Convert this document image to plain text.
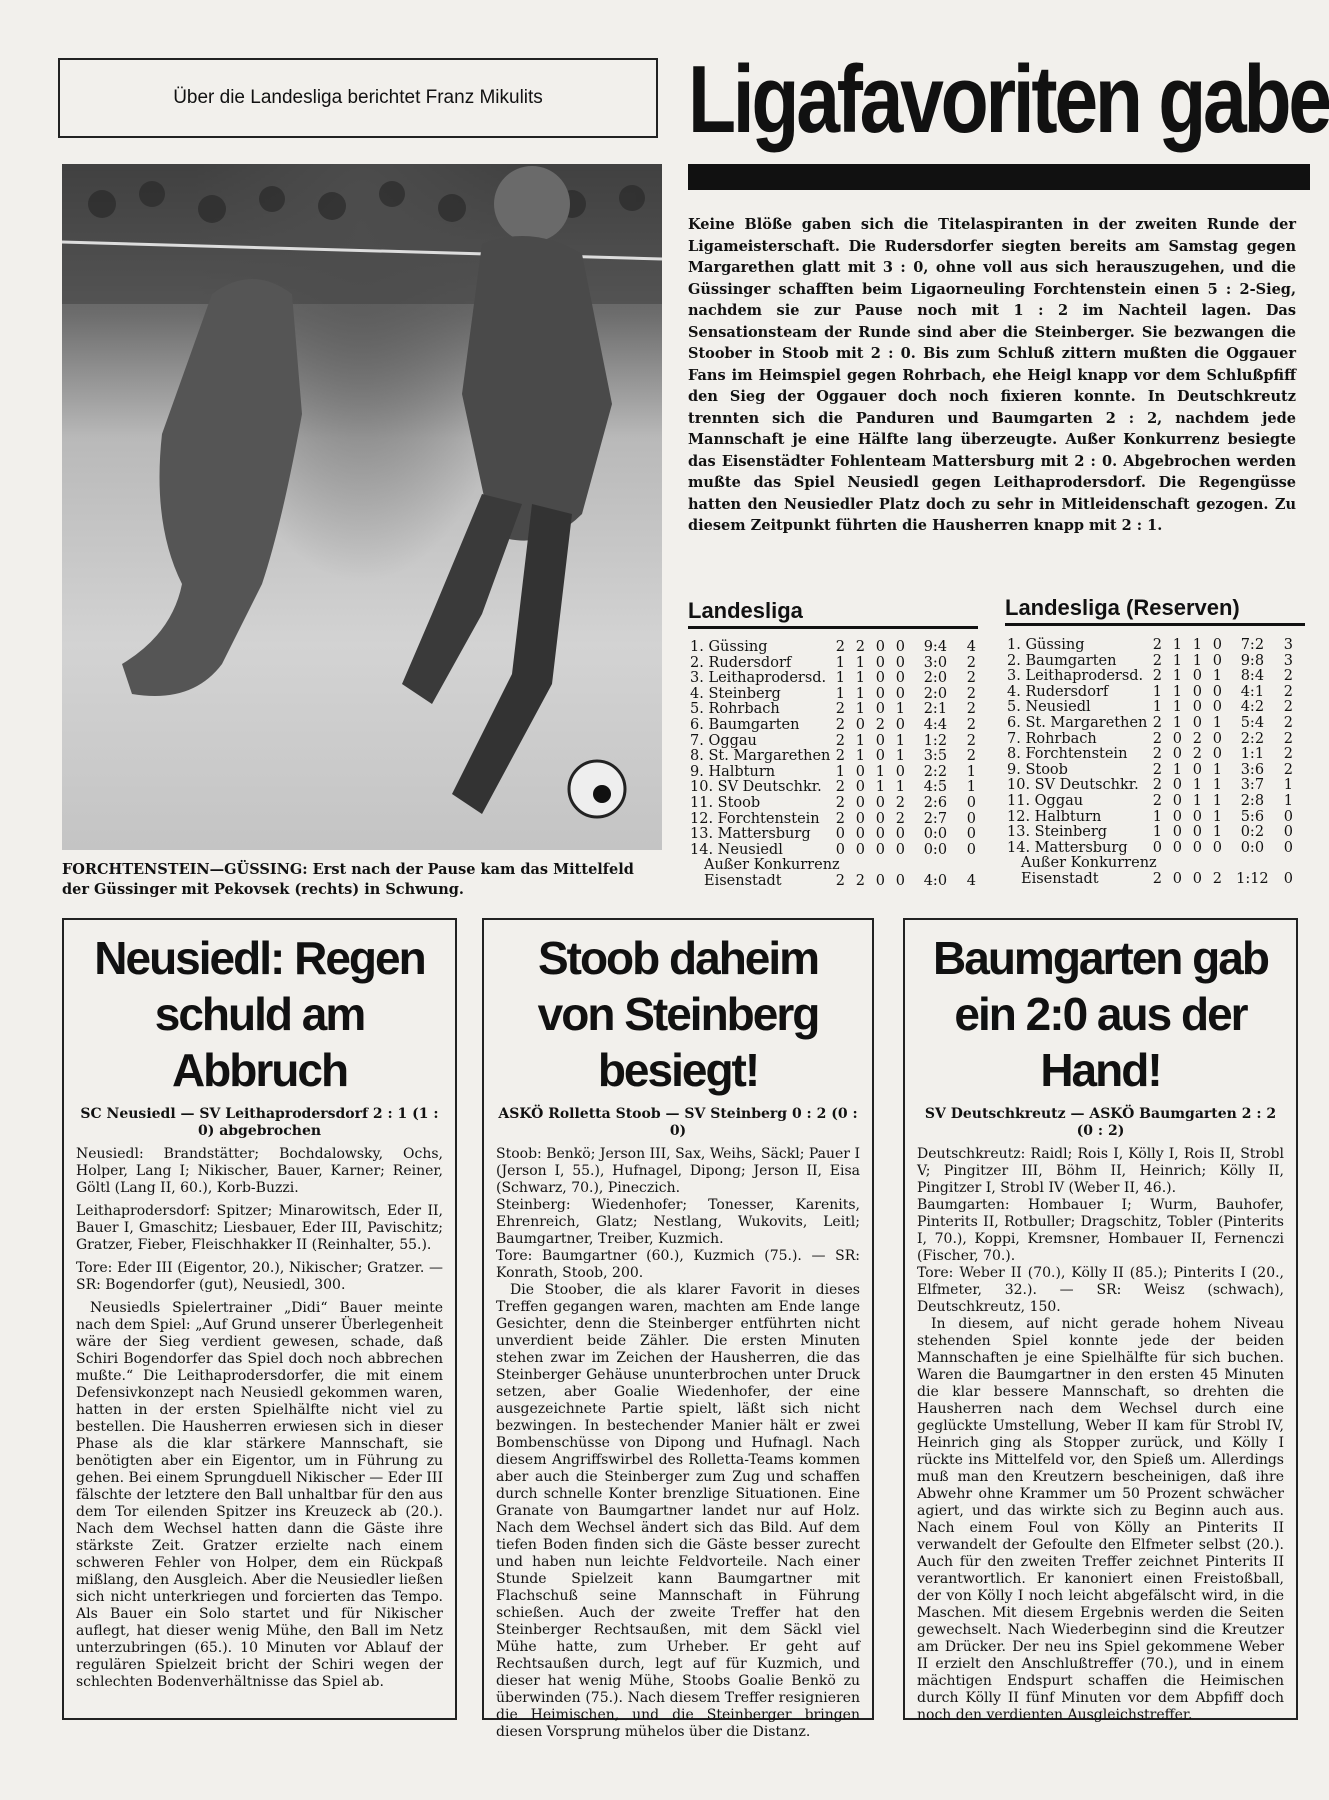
Über die Landesliga berichtet Franz Mikulits Ligafavoriten gabe
FORCHTENSTEIN—GÜSSING: Erst nach der Pause kam das Mittelfeld der Güssinger mit Pekovsek (rechts) in Schwung.
Keine Blöße gaben sich die Titelaspiranten in der zweiten Runde der Ligameisterschaft. Die Rudersdorfer siegten bereits am Samstag gegen Margarethen glatt mit 3 : 0, ohne voll aus sich herauszugehen, und die Güssinger schafften beim Ligaorneuling Forchtenstein einen 5 : 2-Sieg, nachdem sie zur Pause noch mit 1 : 2 im Nachteil lagen. Das Sensationsteam der Runde sind aber die Steinberger. Sie bezwangen die Stoober in Stoob mit 2 : 0. Bis zum Schluß zittern mußten die Oggauer Fans im Heimspiel gegen Rohrbach, ehe Heigl knapp vor dem Schlußpfiff den Sieg der Oggauer doch noch fixieren konnte. In Deutschkreutz trennten sich die Panduren und Baumgarten 2 : 2, nachdem jede Mannschaft je eine Hälfte lang überzeugte. Außer Konkurrenz besiegte das Eisenstädter Fohlenteam Mattersburg mit 2 : 0. Abgebrochen werden mußte das Spiel Neusiedl gegen Leithaprodersdorf. Die Regengüsse hatten den Neusiedler Platz doch zu sehr in Mitleidenschaft gezogen. Zu diesem Zeitpunkt führten die Hausherren knapp mit 2 : 1.
Landesliga
1. Güssing	2	2	0	0	9:4	4
2. Rudersdorf	1	1	0	0	3:0	2
3. Leithaprodersd.	1	1	0	0	2:0	2
4. Steinberg	1	1	0	0	2:0	2
5. Rohrbach	2	1	0	1	2:1	2
6. Baumgarten	2	0	2	0	4:4	2
7. Oggau	2	1	0	1	1:2	2
8. St. Margarethen	2	1	0	1	3:5	2
9. Halbturn	1	0	1	0	2:2	1
10. SV Deutschkr.	2	0	1	1	4:5	1
11. Stoob	2	0	0	2	2:6	0
12. Forchtenstein	2	0	0	2	2:7	0
13. Mattersburg	0	0	0	0	0:0	0
14. Neusiedl	0	0	0	0	0:0	0
Außer Konkurrenz						
Eisenstadt	2	2	0	0	4:0	4
Landesliga (Reserven)
1. Güssing	2	1	1	0	7:2	3
2. Baumgarten	2	1	1	0	9:8	3
3. Leithaprodersd.	2	1	0	1	8:4	2
4. Rudersdorf	1	1	0	0	4:1	2
5. Neusiedl	1	1	0	0	4:2	2
6. St. Margarethen	2	1	0	1	5:4	2
7. Rohrbach	2	0	2	0	2:2	2
8. Forchtenstein	2	0	2	0	1:1	2
9. Stoob	2	1	0	1	3:6	2
10. SV Deutschkr.	2	0	1	1	3:7	1
11. Oggau	2	0	1	1	2:8	1
12. Halbturn	1	0	0	1	5:6	0
13. Steinberg	1	0	0	1	0:2	0
14. Mattersburg	0	0	0	0	0:0	0
Außer Konkurrenz						
Eisenstadt	2	0	0	2	1:12	0
Neusiedl: Regen schuld am Abbruch
SC Neusiedl — SV Leithaprodersdorf 2 : 1 (1 : 0) abgebrochen

Neusiedl: Brandstätter; Bochdalowsky, Ochs, Holper, Lang I; Nikischer, Bauer, Karner; Reiner, Göltl (Lang II, 60.), Korb-Buzzi.

Leithaprodersdorf: Spitzer; Minarowitsch, Eder II, Bauer I, Gmaschitz; Liesbauer, Eder III, Pavischitz; Gratzer, Fieber, Fleischhakker II (Reinhalter, 55.).

Tore: Eder III (Eigentor, 20.), Nikischer; Gratzer. — SR: Bogendorfer (gut), Neusiedl, 300.

Neusiedls Spielertrainer „Didi“ Bauer meinte nach dem Spiel: „Auf Grund unserer Überlegenheit wäre der Sieg verdient gewesen, schade, daß Schiri Bogendorfer das Spiel doch noch abbrechen mußte.“ Die Leithaprodersdorfer, die mit einem Defensivkonzept nach Neusiedl gekommen waren, hatten in der ersten Spielhälfte nicht viel zu bestellen. Die Hausherren erwiesen sich in dieser Phase als die klar stärkere Mannschaft, sie benötigten aber ein Eigentor, um in Führung zu gehen. Bei einem Sprungduell Nikischer — Eder III fälschte der letztere den Ball unhaltbar für den aus dem Tor eilenden Spitzer ins Kreuzeck ab (20.). Nach dem Wechsel hatten dann die Gäste ihre stärkste Zeit. Gratzer erzielte nach einem schweren Fehler von Holper, dem ein Rückpaß mißlang, den Ausgleich. Aber die Neusiedler ließen sich nicht unterkriegen und forcierten das Tempo. Als Bauer ein Solo startet und für Nikischer auflegt, hat dieser wenig Mühe, den Ball im Netz unterzubringen (65.). 10 Minuten vor Ablauf der regulären Spielzeit bricht der Schiri wegen der schlechten Bodenverhältnisse das Spiel ab.

Stoob daheim von Steinberg besiegt!
ASKÖ Rolletta Stoob — SV Steinberg 0 : 2 (0 : 0)

Stoob: Benkö; Jerson III, Sax, Weihs, Säckl; Pauer I (Jerson I, 55.), Hufnagel, Dipong; Jerson II, Eisa (Schwarz, 70.), Pineczich.

Steinberg: Wiedenhofer; Tonesser, Karenits, Ehrenreich, Glatz; Nestlang, Wukovits, Leitl; Baumgartner, Treiber, Kuzmich.

Tore: Baumgartner (60.), Kuzmich (75.). — SR: Konrath, Stoob, 200.

Die Stoober, die als klarer Favorit in dieses Treffen gegangen waren, machten am Ende lange Gesichter, denn die Steinberger entführten nicht unverdient beide Zähler. Die ersten Minuten stehen zwar im Zeichen der Hausherren, die das Steinberger Gehäuse ununterbrochen unter Druck setzen, aber Goalie Wiedenhofer, der eine ausgezeichnete Partie spielt, läßt sich nicht bezwingen. In bestechender Manier hält er zwei Bombenschüsse von Dipong und Hufnagl. Nach diesem Angriffswirbel des Rolletta-Teams kommen aber auch die Steinberger zum Zug und schaffen durch schnelle Konter brenzlige Situationen. Eine Granate von Baumgartner landet nur auf Holz. Nach dem Wechsel ändert sich das Bild. Auf dem tiefen Boden finden sich die Gäste besser zurecht und haben nun leichte Feldvorteile. Nach einer Stunde Spielzeit kann Baumgartner mit Flachschuß seine Mannschaft in Führung schießen. Auch der zweite Treffer hat den Steinberger Rechtsaußen, mit dem Säckl viel Mühe hatte, zum Urheber. Er geht auf Rechtsaußen durch, legt auf für Kuzmich, und dieser hat wenig Mühe, Stoobs Goalie Benkö zu überwinden (75.). Nach diesem Treffer resignieren die Heimischen, und die Steinberger bringen diesen Vorsprung mühelos über die Distanz.

Baumgarten gab ein 2:0 aus der Hand!
SV Deutschkreutz — ASKÖ Baumgarten 2 : 2 (0 : 2)

Deutschkreutz: Raidl; Rois I, Kölly I, Rois II, Strobl V; Pingitzer III, Böhm II, Heinrich; Kölly II, Pingitzer I, Strobl IV (Weber II, 46.).

Baumgarten: Hombauer I; Wurm, Bauhofer, Pinterits II, Rotbuller; Dragschitz, Tobler (Pinterits I, 70.), Koppi, Kremsner, Hombauer II, Fernenczi (Fischer, 70.).

Tore: Weber II (70.), Kölly II (85.); Pinterits I (20., Elfmeter, 32.). — SR: Weisz (schwach), Deutschkreutz, 150.

In diesem, auf nicht gerade hohem Niveau stehenden Spiel konnte jede der beiden Mannschaften je eine Spielhälfte für sich buchen. Waren die Baumgartner in den ersten 45 Minuten die klar bessere Mannschaft, so drehten die Hausherren nach dem Wechsel durch eine geglückte Umstellung, Weber II kam für Strobl IV, Heinrich ging als Stopper zurück, und Kölly I rückte ins Mittelfeld vor, den Spieß um. Allerdings muß man den Kreutzern bescheinigen, daß ihre Abwehr ohne Krammer um 50 Prozent schwächer agiert, und das wirkte sich zu Beginn auch aus. Nach einem Foul von Kölly an Pinterits II verwandelt der Gefoulte den Elfmeter selbst (20.). Auch für den zweiten Treffer zeichnet Pinterits II verantwortlich. Er kanoniert einen Freistoßball, der von Kölly I noch leicht abgefälscht wird, in die Maschen. Mit diesem Ergebnis werden die Seiten gewechselt. Nach Wiederbeginn sind die Kreutzer am Drücker. Der neu ins Spiel gekommene Weber II erzielt den Anschlußtreffer (70.), und in einem mächtigen Endspurt schaffen die Heimischen durch Kölly II fünf Minuten vor dem Abpfiff doch noch den verdienten Ausgleichstreffer.
